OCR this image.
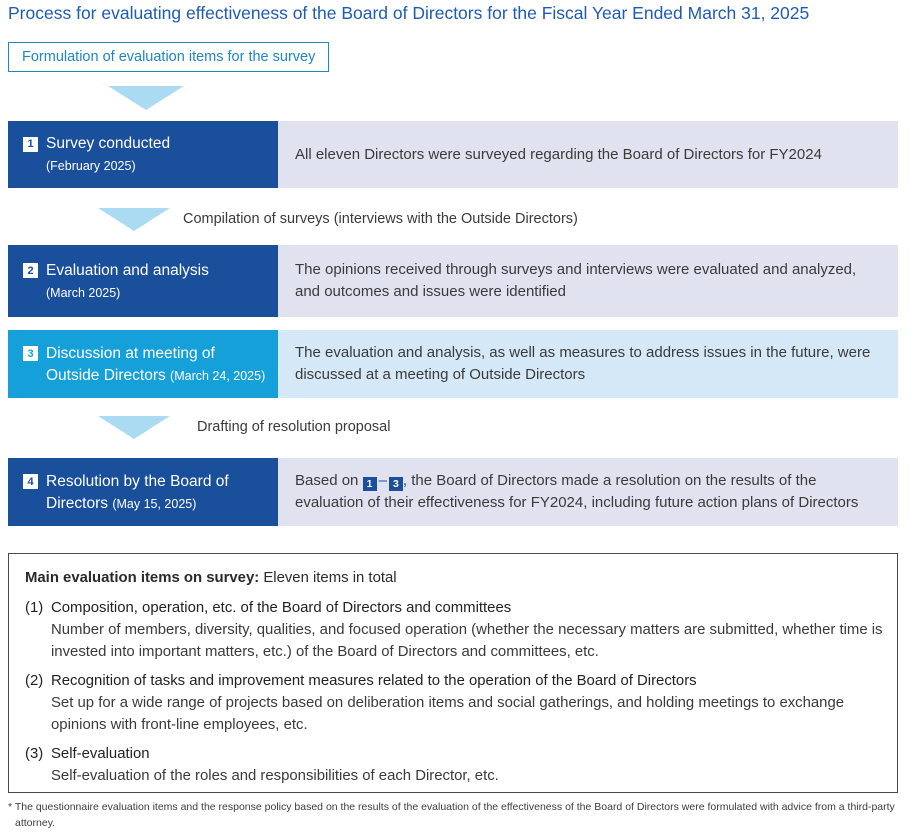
Process for evaluating effectiveness of the Board of Directors for the Fiscal Year Ended March 31, 2025
Formulation of evaluation items for the survey
1 Survey conducted
(February 2025)
All eleven Directors were surveyed regarding the Board of Directors for FY2024
Compilation of surveys (interviews with the Outside Directors)
2 Evaluation and analysis
(March 2025)
The opinions received through surveys and interviews were evaluated and analyzed, and outcomes and issues were identified
3 Discussion at meeting of
Outside Directors (March 24, 2025)
The evaluation and analysis, as well as measures to address issues in the future, were discussed at a meeting of Outside Directors
Drafting of resolution proposal
4 Resolution by the Board of
Directors (May 15, 2025)
Based on 1 – 3 , the Board of Directors made a resolution on the results of the
evaluation of their effectiveness for FY2024, including future action plans of Directors
Main evaluation items on survey: Eleven items in total
(1) Composition, operation, etc. of the Board of Directors and committees
Number of members, diversity, qualities, and focused operation (whether the necessary matters are submitted, whether time is invested into important matters, etc.) of the Board of Directors and committees, etc.
(2) Recognition of tasks and improvement measures related to the operation of the Board of Directors
Set up for a wide range of projects based on deliberation items and social gatherings, and holding meetings to exchange opinions with front-line employees, etc.
(3) Self-evaluation
Self-evaluation of the roles and responsibilities of each Director, etc.
* The questionnaire evaluation items and the response policy based on the results of the evaluation of the effectiveness of the Board of Directors were formulated with advice from a third-party attorney.
